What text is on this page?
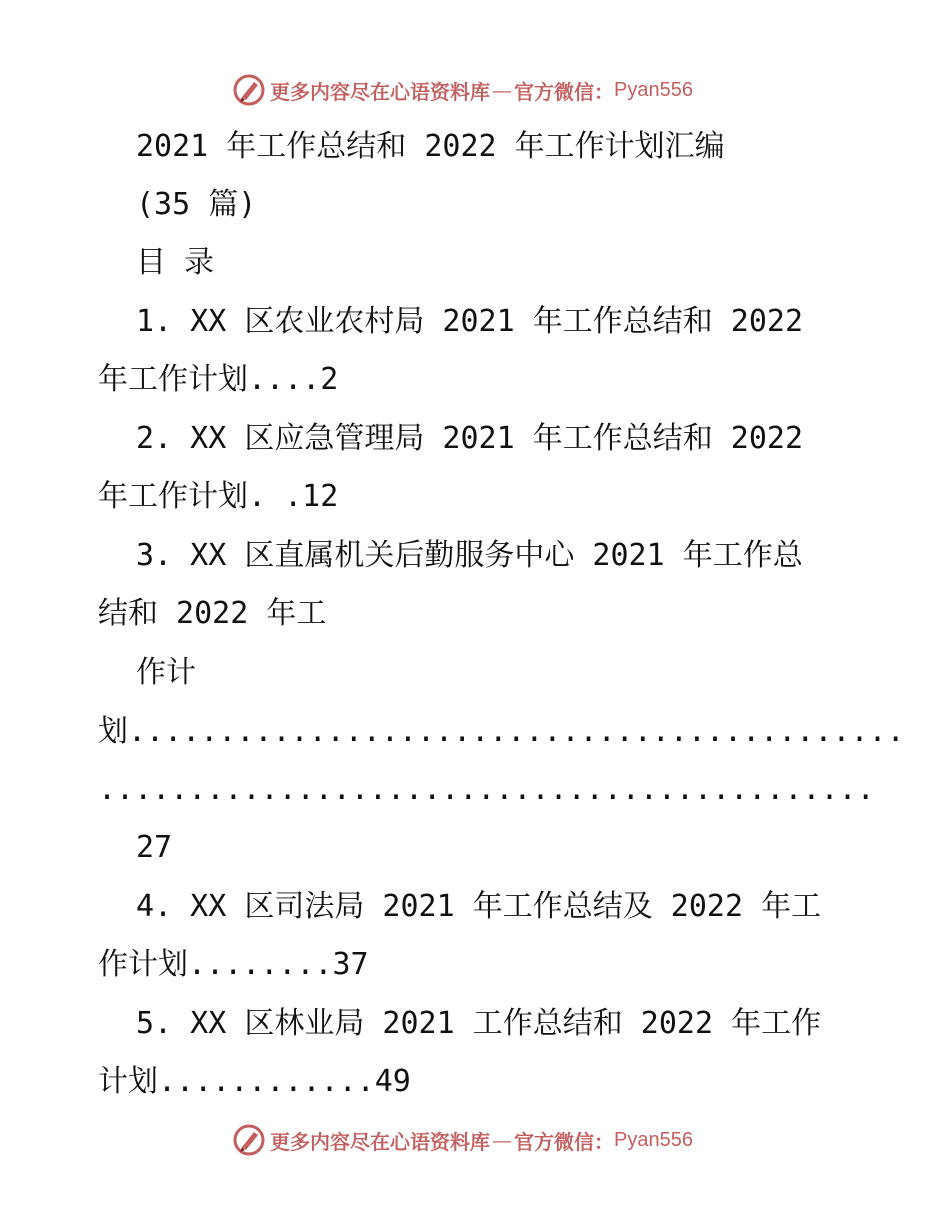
更多内容尽在心语资料库 — 官方微信： Pyan556
2021 年工作总结和 2022 年工作计划汇编
(35 篇)
目 录
1. XX 区农业农村局 2021 年工作总结和 2022
年工作计划....2
2. XX 区应急管理局 2021 年工作总结和 2022
年工作计划. .12
3. XX 区直属机关后勤服务中心 2021 年工作总
结和 2022 年工
作计
划...........................................
...........................................
27
4. XX 区司法局 2021 年工作总结及 2022 年工
作计划........37
5. XX 区林业局 2021 工作总结和 2022 年工作
计划............49
更多内容尽在心语资料库 — 官方微信： Pyan556
